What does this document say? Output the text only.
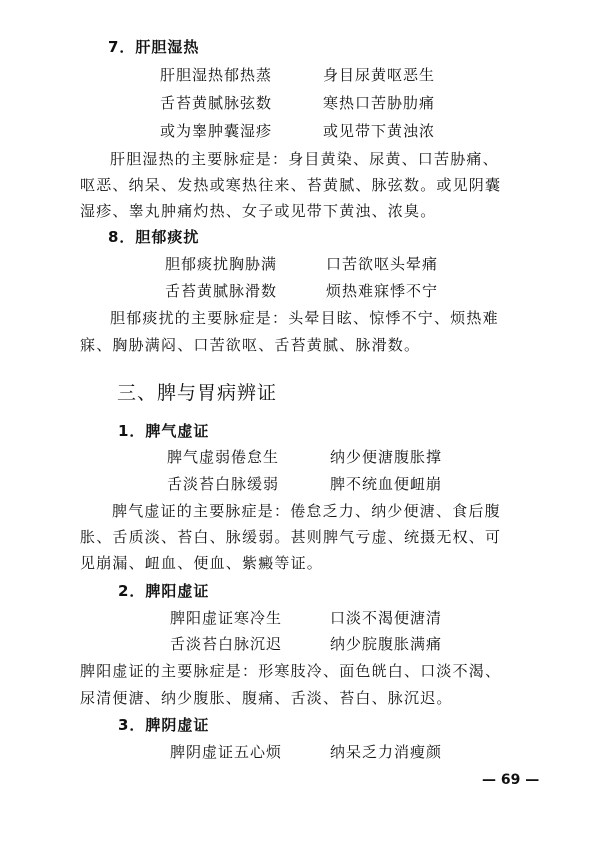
7．肝胆湿热
肝胆湿热郁热蒸	身目尿黄呕恶生
舌苔黄腻脉弦数	寒热口苦胁肋痛
或为睾肿囊湿疹	或见带下黄浊浓
肝胆湿热的主要脉症是：身目黄染、尿黄、口苦胁痛、
呕恶、纳呆、发热或寒热往来、苔黄腻、脉弦数。或见阴囊
湿疹、睾丸肿痛灼热、女子或见带下黄浊、浓臭。
8．胆郁痰扰
胆郁痰扰胸胁满	口苦欲呕头晕痛
舌苔黄腻脉滑数	烦热难寐悸不宁
胆郁痰扰的主要脉症是：头晕目眩、惊悸不宁、烦热难
寐、胸胁满闷、口苦欲呕、舌苔黄腻、脉滑数。
三、脾与胃病辨证
1．脾气虚证
脾气虚弱倦怠生	纳少便溏腹胀撑
舌淡苔白脉缓弱	脾不统血便衄崩
脾气虚证的主要脉症是：倦怠乏力、纳少便溏、食后腹
胀、舌质淡、苔白、脉缓弱。甚则脾气亏虚、统摄无权、可
见崩漏、衄血、便血、紫癜等证。
2．脾阳虚证
脾阳虚证寒冷生	口淡不渴便溏清
舌淡苔白脉沉迟	纳少脘腹胀满痛
脾阳虚证的主要脉症是：形寒肢冷、面色㿠白、口淡不渴、
尿清便溏、纳少腹胀、腹痛、舌淡、苔白、脉沉迟。
3．脾阴虚证
脾阴虚证五心烦	纳呆乏力消瘦颜
— 69 —
